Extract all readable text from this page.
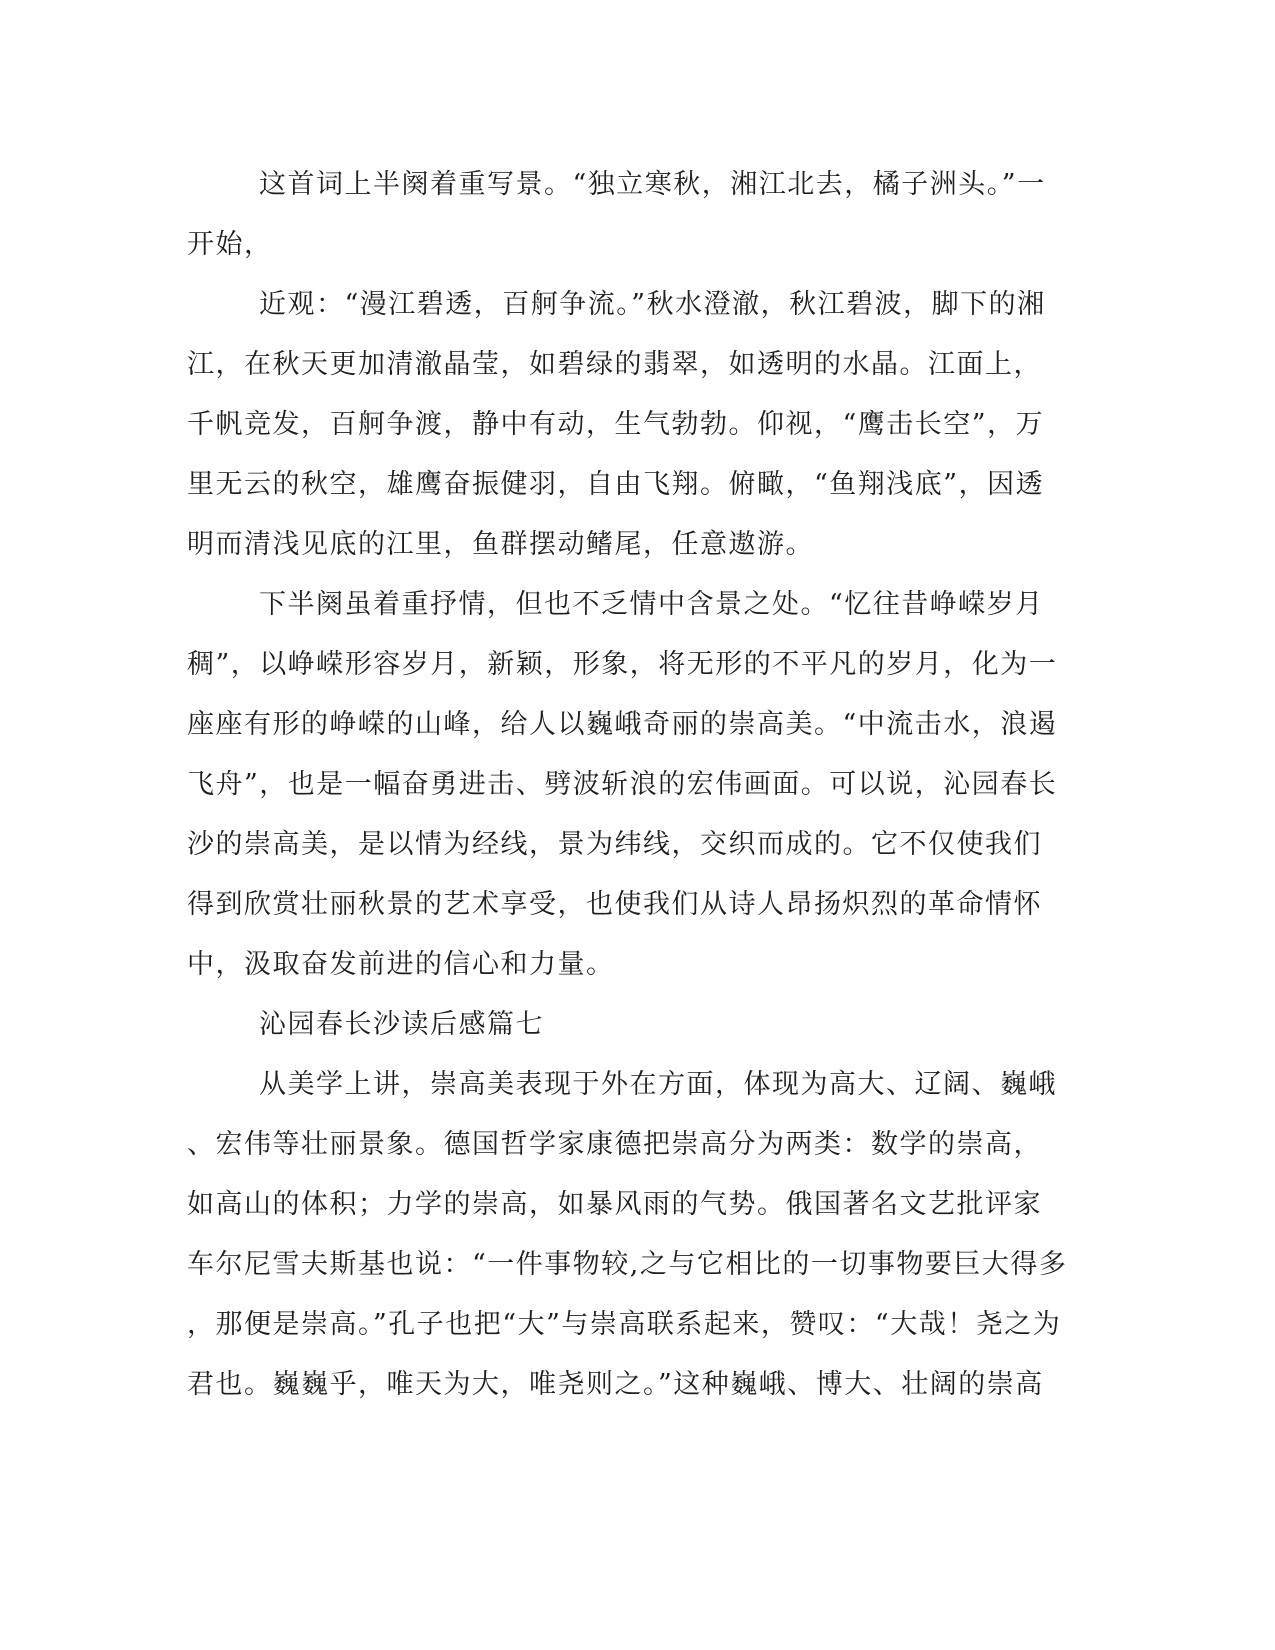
这首词上半阕着重写景。“独立寒秋，湘江北去，橘子洲头。”一
开始，
近观：“漫江碧透，百舸争流。”秋水澄澈，秋江碧波，脚下的湘
江，在秋天更加清澈晶莹，如碧绿的翡翠，如透明的水晶。江面上，
千帆竞发，百舸争渡，静中有动，生气勃勃。仰视，“鹰击长空”，万
里无云的秋空，雄鹰奋振健羽，自由飞翔。俯瞰，“鱼翔浅底”，因透
明而清浅见底的江里，鱼群摆动鳍尾，任意遨游。
下半阕虽着重抒情，但也不乏情中含景之处。“忆往昔峥嵘岁月
稠”，以峥嵘形容岁月，新颖，形象，将无形的不平凡的岁月，化为一
座座有形的峥嵘的山峰，给人以巍峨奇丽的崇高美。“中流击水，浪遏
飞舟”，也是一幅奋勇进击、劈波斩浪的宏伟画面。可以说，沁园春长
沙的崇高美，是以情为经线，景为纬线，交织而成的。它不仅使我们
得到欣赏壮丽秋景的艺术享受，也使我们从诗人昂扬炽烈的革命情怀
中，汲取奋发前进的信心和力量。
沁园春长沙读后感篇七
从美学上讲，崇高美表现于外在方面，体现为高大、辽阔、巍峨
、宏伟等壮丽景象。德国哲学家康德把崇高分为两类：数学的崇高，
如高山的体积；力学的崇高，如暴风雨的气势。俄国著名文艺批评家
车尔尼雪夫斯基也说：“一件事物较,之与它相比的一切事物要巨大得多
，那便是崇高。”孔子也把“大”与崇高联系起来，赞叹：“大哉！尧之为
君也。巍巍乎，唯天为大，唯尧则之。”这种巍峨、博大、壮阔的崇高
